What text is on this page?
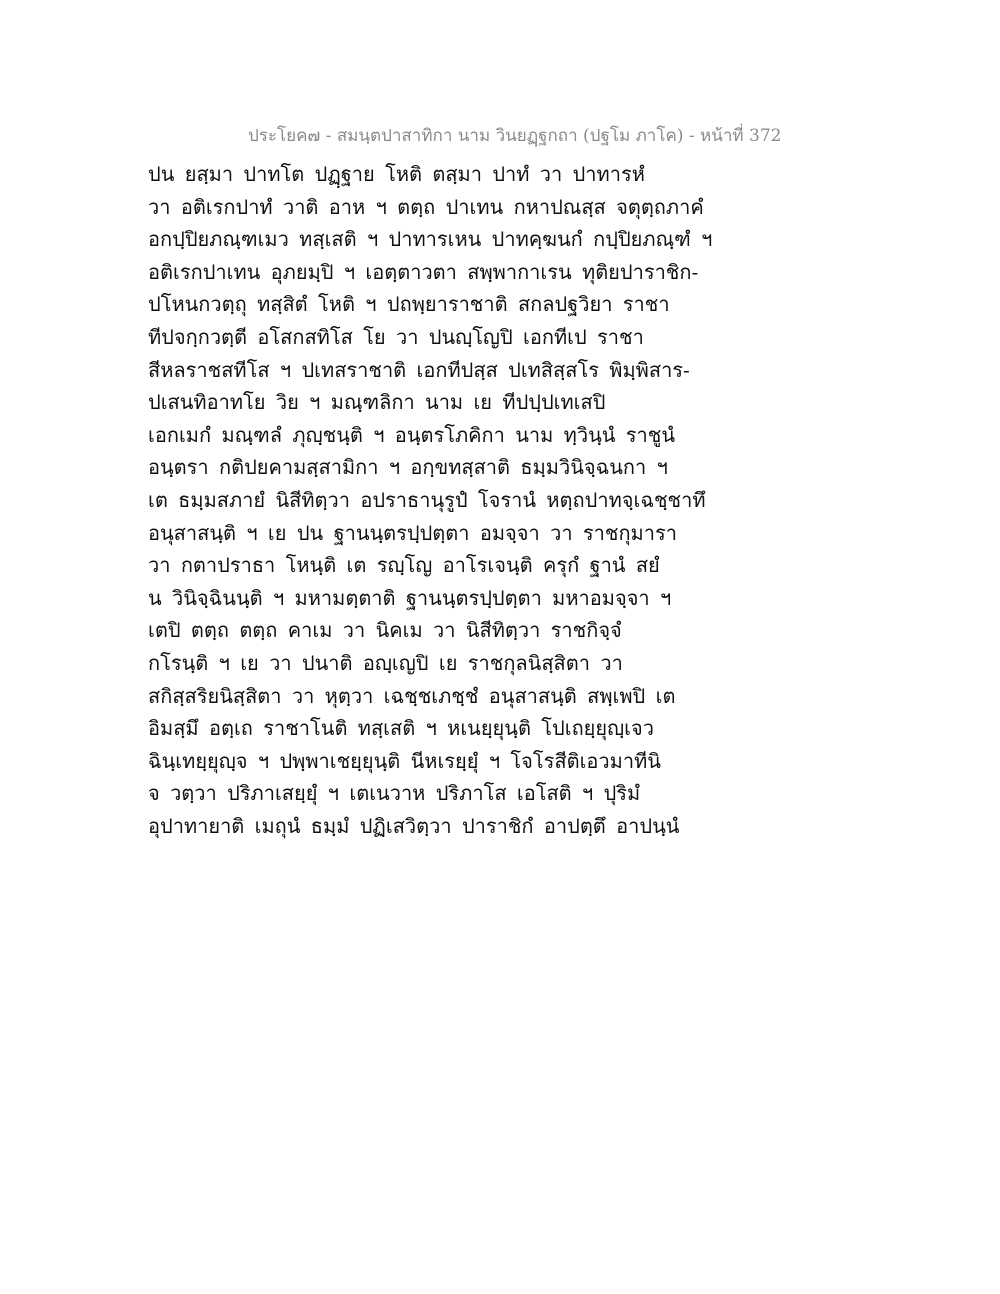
ประโยค๗ - สมนฺตปาสาทิกา นาม วินยฏฺฐกถา (ปฐโม ภาโค) - หน้าที่ 372
ปน ยสฺมา ปาทโต ปฏฺฐาย โหติ ตสฺมา ปาทํ วา ปาทารหํ
วา อติเรกปาทํ วาติ อาห ฯ ตตฺถ ปาเทน กหาปณสฺส จตุตฺถภาคํ
อกปฺปิยภณฺฑเมว ทสฺเสติ ฯ ปาทารเหน ปาทคฺฆนกํ กปฺปิยภณฺฑํ ฯ
อติเรกปาเทน อุภยมฺปิ ฯ เอตฺตาวตา สพฺพากาเรน ทุติยปาราชิก-
ปโหนกวตฺถุ ทสฺสิตํ โหติ ฯ ปถพฺยาราชาติ สกลปฐวิยา ราชา
ทีปจกฺกวตฺตี อโสกสทิโส โย วา ปนญฺโญปิ เอกทีเป ราชา
สีหลราชสทีโส ฯ ปเทสราชาติ เอกทีปสฺส ปเทสิสฺสโร พิมฺพิสาร-
ปเสนทิอาทโย วิย ฯ มณฺฑลิกา นาม เย ทีปปฺปเทเสปิ
เอกเมกํ มณฺฑลํ ภุญฺชนฺติ ฯ อนฺตรโภคิกา นาม ทฺวินฺนํ ราชูนํ
อนฺตรา กติปยคามสฺสามิกา ฯ อกฺขทสฺสาติ ธมฺมวินิจฺฉนกา ฯ
เต ธมฺมสภายํ นิสีทิตฺวา อปราธานุรูปํ โจรานํ หตฺถปาทจฺเฉชฺชาทึ
อนุสาสนฺติ ฯ เย ปน ฐานนฺตรปฺปตฺตา อมจฺจา วา ราชกุมารา
วา กตาปราธา โหนฺติ เต รญฺโญ อาโรเจนฺติ ครุกํ ฐานํ สยํ
น วินิจฺฉินนฺติ ฯ มหามตฺตาติ ฐานนฺตรปฺปตฺตา มหาอมจฺจา ฯ
เตปิ ตตฺถ ตตฺถ คาเม วา นิคเม วา นิสีทิตฺวา ราชกิจฺจํ
กโรนฺติ ฯ เย วา ปนาติ อญฺเญปิ เย ราชกุลนิสฺสิตา วา
สกิสฺสริยนิสฺสิตา วา หุตฺวา เฉชฺชเภชฺชํ อนุสาสนฺติ สพฺเพปิ เต
อิมสฺมึ อตฺเถ ราชาโนติ ทสฺเสติ ฯ หเนยฺยุนฺติ โปเถยฺยุญฺเจว
ฉินฺเทยฺยุญฺจ ฯ ปพฺพาเชยฺยุนฺติ นีหเรยฺยุํ ฯ โจโรสีติเอวมาทีนิ
จ วตฺวา ปริภาเสยฺยุํ ฯ เตเนวาห ปริภาโส เอโสติ ฯ ปุริมํ
อุปาทายาติ เมถุนํ ธมฺมํ ปฏิเสวิตฺวา ปาราชิกํ อาปตฺตึ อาปนฺนํ
